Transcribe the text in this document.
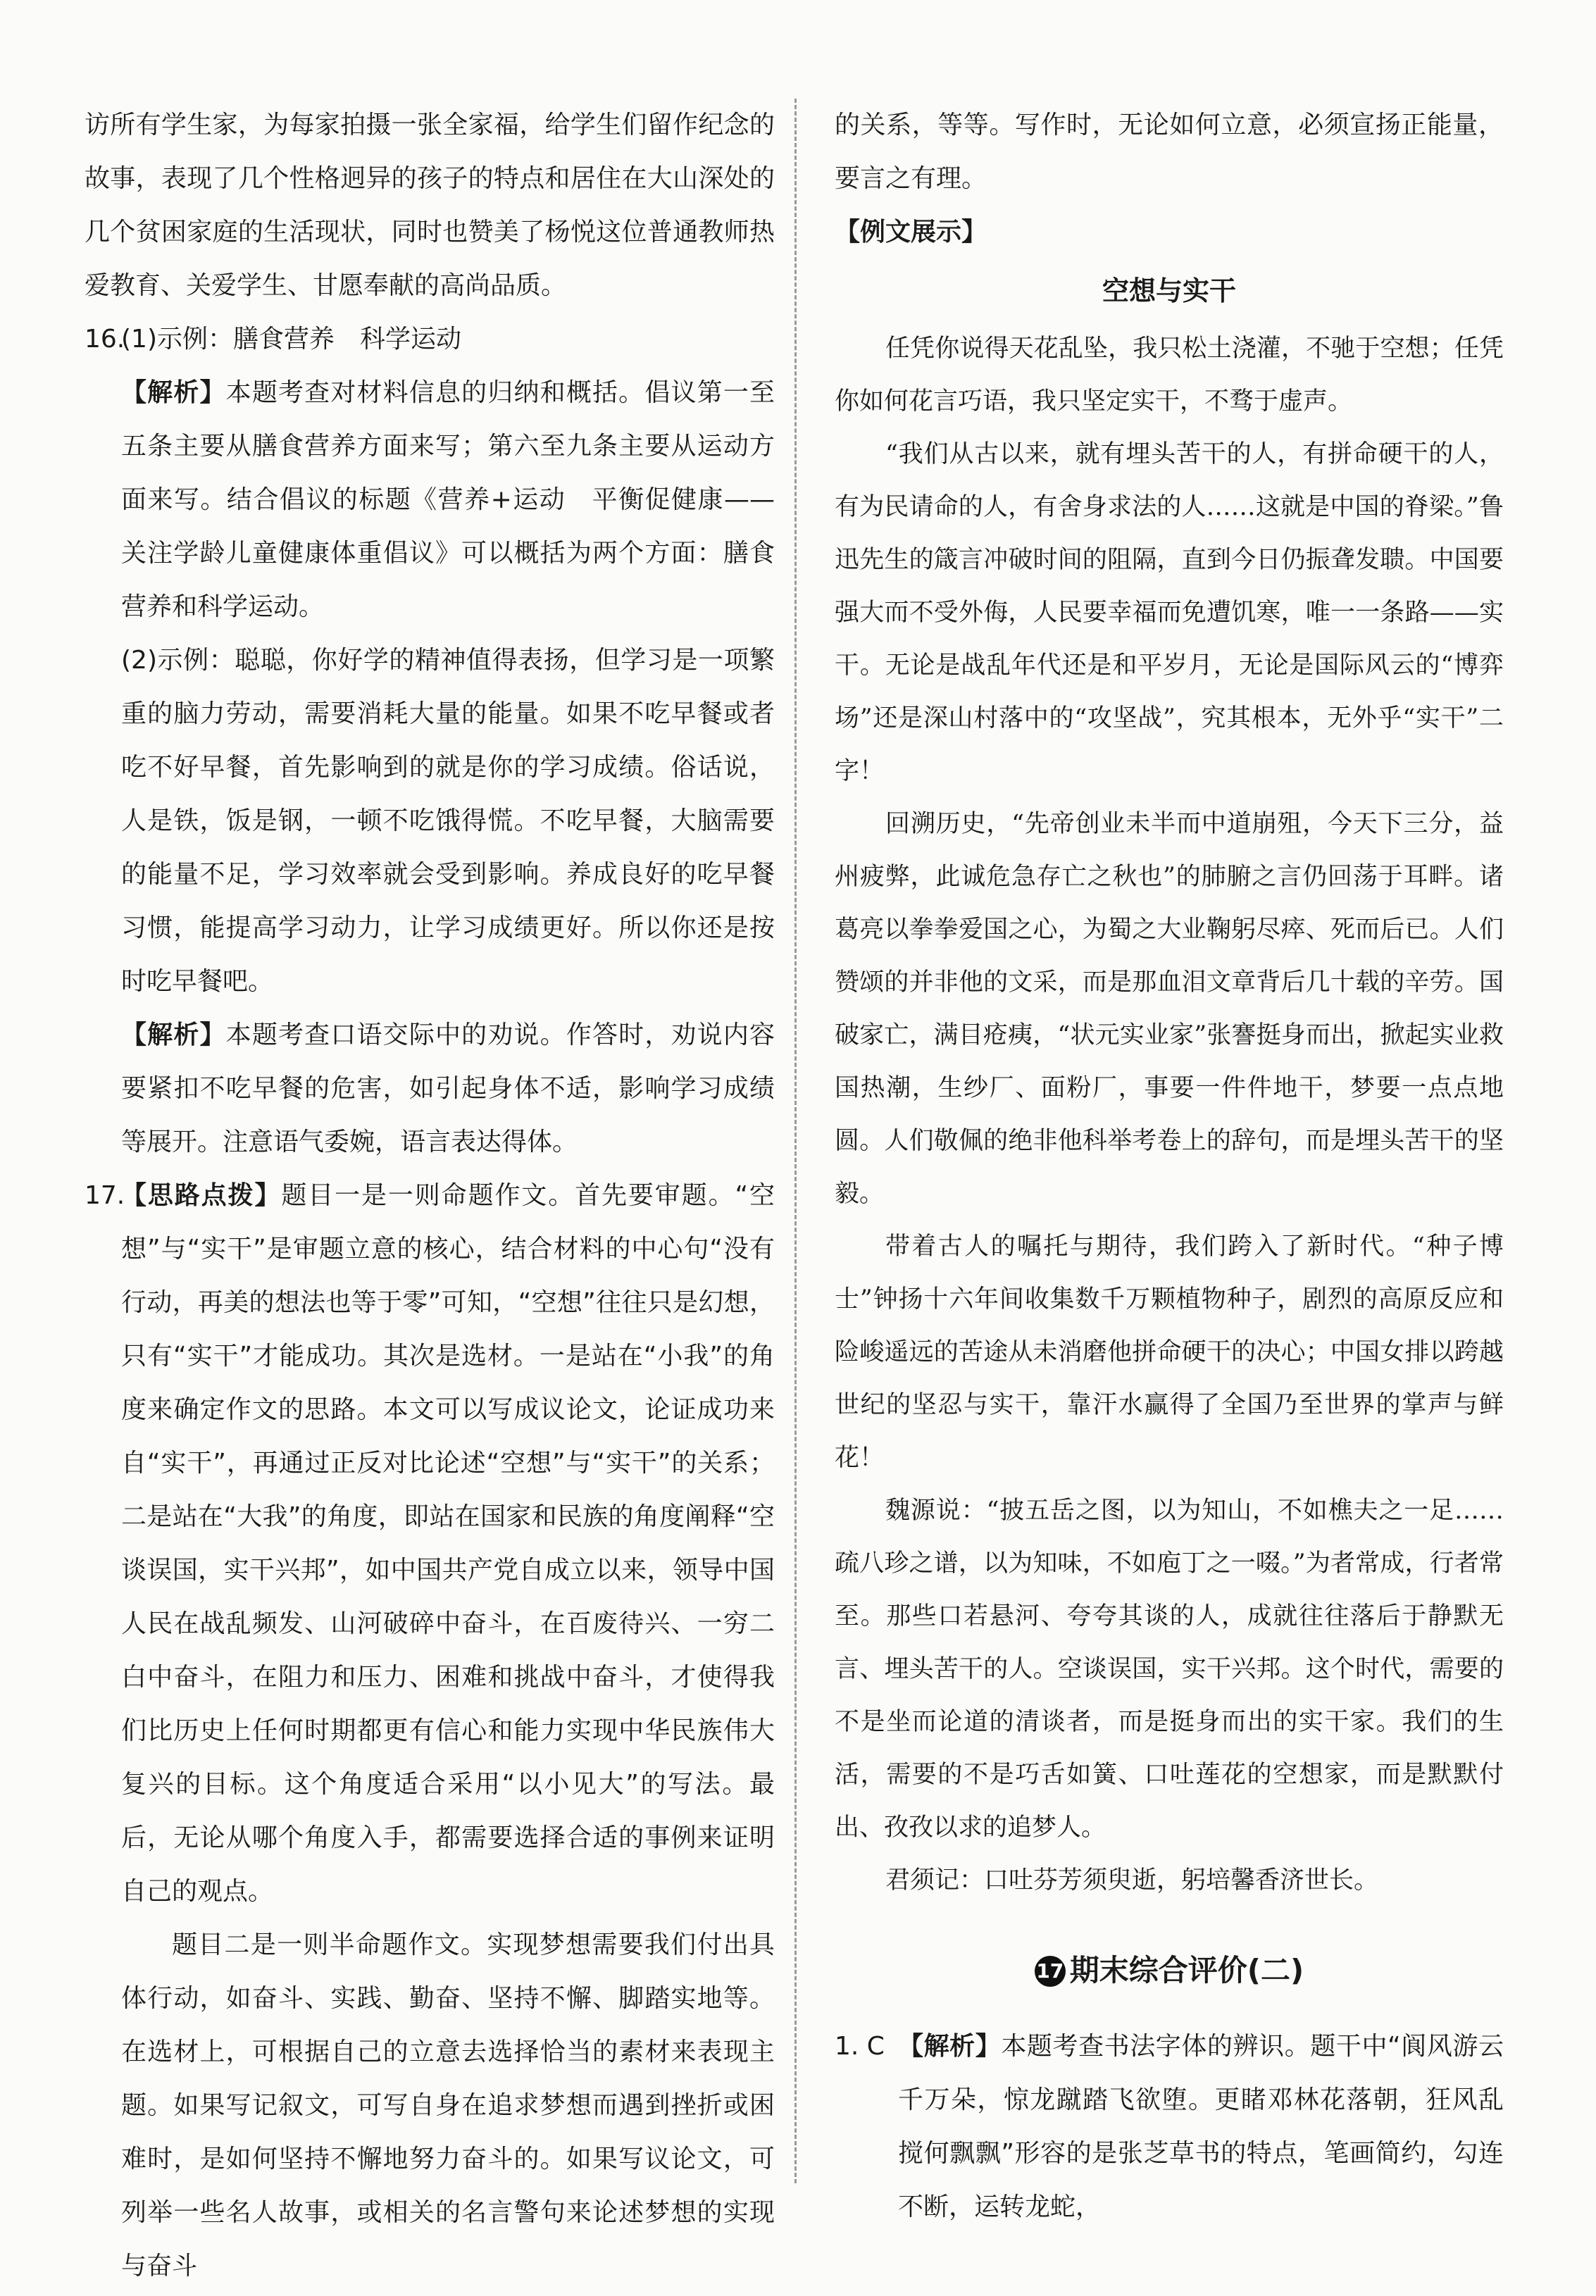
访所有学生家，为每家拍摄一张全家福，给学生们留作纪念的故事，表现了几个性格迥异的孩子的特点和居住在大山深处的几个贫困家庭的生活现状，同时也赞美了杨悦这位普通教师热爱教育、关爱学生、甘愿奉献的高尚品质。

16.
(1)示例：膳食营养　科学运动

【解析】本题考查对材料信息的归纳和概括。倡议第一至五条主要从膳食营养方面来写；第六至九条主要从运动方面来写。结合倡议的标题《营养+运动　平衡促健康——关注学龄儿童健康体重倡议》可以概括为两个方面：膳食营养和科学运动。

(2)示例：聪聪，你好学的精神值得表扬，但学习是一项繁重的脑力劳动，需要消耗大量的能量。如果不吃早餐或者吃不好早餐，首先影响到的就是你的学习成绩。俗话说，人是铁，饭是钢，一顿不吃饿得慌。不吃早餐，大脑需要的能量不足，学习效率就会受到影响。养成良好的吃早餐习惯，能提高学习动力，让学习成绩更好。所以你还是按时吃早餐吧。

【解析】本题考查口语交际中的劝说。作答时，劝说内容要紧扣不吃早餐的危害，如引起身体不适，影响学习成绩等展开。注意语气委婉，语言表达得体。

17.
【思路点拨】题目一是一则命题作文。首先要审题。“空想”与“实干”是审题立意的核心，结合材料的中心句“没有行动，再美的想法也等于零”可知，“空想”往往只是幻想，只有“实干”才能成功。其次是选材。一是站在“小我”的角度来确定作文的思路。本文可以写成议论文，论证成功来自“实干”，再通过正反对比论述“空想”与“实干”的关系；二是站在“大我”的角度，即站在国家和民族的角度阐释“空谈误国，实干兴邦”，如中国共产党自成立以来，领导中国人民在战乱频发、山河破碎中奋斗，在百废待兴、一穷二白中奋斗，在阻力和压力、困难和挑战中奋斗，才使得我们比历史上任何时期都更有信心和能力实现中华民族伟大复兴的目标。这个角度适合采用“以小见大”的写法。最后，无论从哪个角度入手，都需要选择合适的事例来证明自己的观点。

题目二是一则半命题作文。实现梦想需要我们付出具体行动，如奋斗、实践、勤奋、坚持不懈、脚踏实地等。在选材上，可根据自己的立意去选择恰当的素材来表现主题。如果写记叙文，可写自身在追求梦想而遇到挫折或困难时，是如何坚持不懈地努力奋斗的。如果写议论文，可列举一些名人故事，或相关的名言警句来论述梦想的实现与奋斗

的关系，等等。写作时，无论如何立意，必须宣扬正能量，要言之有理。

【例文展示】

空想与实干

任凭你说得天花乱坠，我只松土浇灌，不驰于空想；任凭你如何花言巧语，我只坚定实干，不骛于虚声。

“我们从古以来，就有埋头苦干的人，有拼命硬干的人，有为民请命的人，有舍身求法的人……这就是中国的脊梁。”鲁迅先生的箴言冲破时间的阻隔，直到今日仍振聋发聩。中国要强大而不受外侮，人民要幸福而免遭饥寒，唯一一条路——实干。无论是战乱年代还是和平岁月，无论是国际风云的“博弈场”还是深山村落中的“攻坚战”，究其根本，无外乎“实干”二字！

回溯历史，“先帝创业未半而中道崩殂，今天下三分，益州疲弊，此诚危急存亡之秋也”的肺腑之言仍回荡于耳畔。诸葛亮以拳拳爱国之心，为蜀之大业鞠躬尽瘁、死而后已。人们赞颂的并非他的文采，而是那血泪文章背后几十载的辛劳。国破家亡，满目疮痍，“状元实业家”张謇挺身而出，掀起实业救国热潮，生纱厂、面粉厂，事要一件件地干，梦要一点点地圆。人们敬佩的绝非他科举考卷上的辞句，而是埋头苦干的坚毅。

带着古人的嘱托与期待，我们跨入了新时代。“种子博士”钟扬十六年间收集数千万颗植物种子，剧烈的高原反应和险峻遥远的苦途从未消磨他拼命硬干的决心；中国女排以跨越世纪的坚忍与实干，靠汗水赢得了全国乃至世界的掌声与鲜花！

魏源说：“披五岳之图，以为知山，不如樵夫之一足……疏八珍之谱，以为知味，不如庖丁之一啜。”为者常成，行者常至。那些口若悬河、夸夸其谈的人，成就往往落后于静默无言、埋头苦干的人。空谈误国，实干兴邦。这个时代，需要的不是坐而论道的清谈者，而是挺身而出的实干家。我们的生活，需要的不是巧舌如簧、口吐莲花的空想家，而是默默付出、孜孜以求的追梦人。

君须记：口吐芬芳须臾逝，躬培馨香济世长。

17 期末综合评价(二)

1. C 【解析】本题考查书法字体的辨识。题干中“阆风游云千万朵，惊龙蹴踏飞欲堕。更睹邓林花落朝，狂风乱搅何飘飘”形容的是张芝草书的特点，笔画简约，勾连不断，运转龙蛇，
